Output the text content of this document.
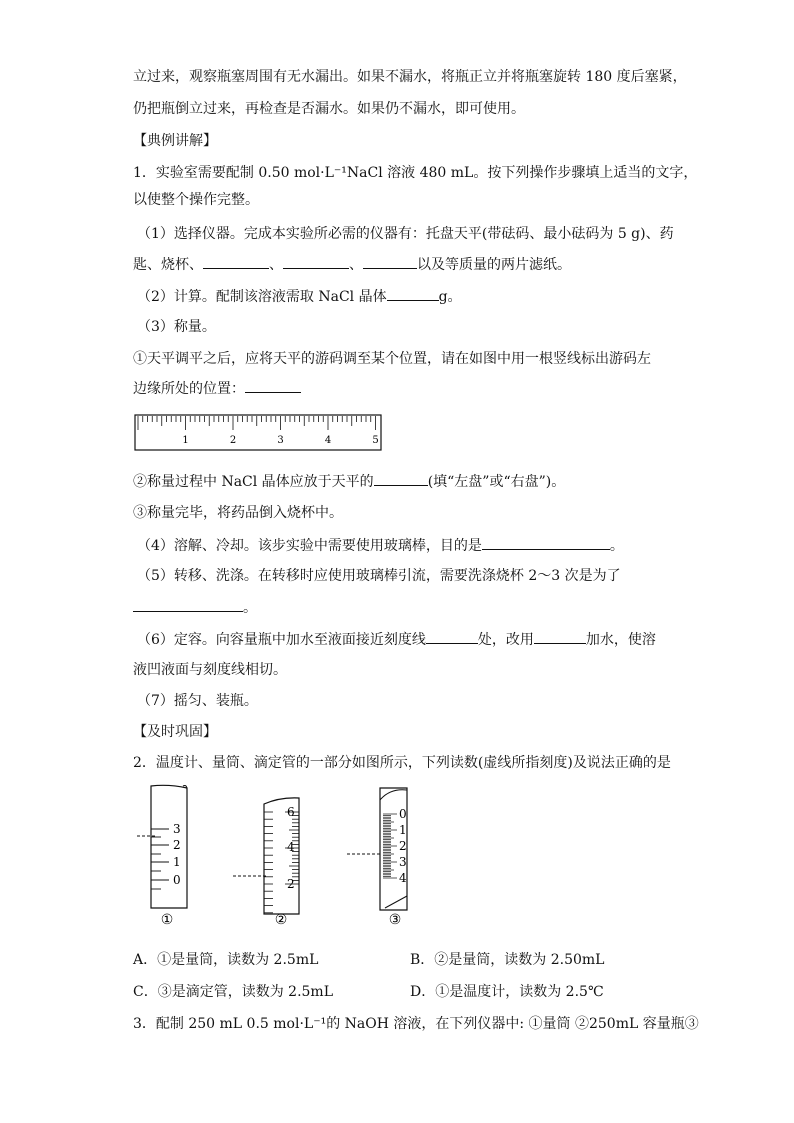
立过来，观察瓶塞周围有无水漏出。如果不漏水，将瓶正立并将瓶塞旋转 180 度后塞紧，
仍把瓶倒立过来，再检查是否漏水。如果仍不漏水，即可使用。
【典例讲解】
1．实验室需要配制 0.50 mol·L⁻¹NaCl 溶液 480 mL。按下列操作步骤填上适当的文字，
以使整个操作完整。
（1）选择仪器。完成本实验所必需的仪器有：托盘天平(带砝码、最小砝码为 5 g)、药
匙、烧杯、	、	、	以及等质量的两片滤纸。
（2）计算。配制该溶液需取 NaCl 晶体	g。
（3）称量。
①天平调平之后，应将天平的游码调至某个位置，请在如图中用一根竖线标出游码左
边缘所处的位置：
1	2	3	4	5
②称量过程中 NaCl 晶体应放于天平的	(填“左盘”或“右盘”)。
③称量完毕，将药品倒入烧杯中。
（4）溶解、冷却。该步实验中需要使用玻璃棒，目的是	。
（5）转移、洗涤。在转移时应使用玻璃棒引流，需要洗涤烧杯 2～3 次是为了
。
（6）定容。向容量瓶中加水至液面接近刻度线	处，改用	加水，使溶
液凹液面与刻度线相切。
（7）摇匀、装瓶。
【及时巩固】
2．温度计、量筒、滴定管的一部分如图所示，下列读数(虚线所指刻度)及说法正确的是
3
2
1
0
6
4
2
0
1
2
3
4
①	②	③
A．①是量筒，读数为 2.5mL	B．②是量筒，读数为 2.50mL
C．③是滴定管，读数为 2.5mL	D．①是温度计，读数为 2.5℃
3．配制 250 mL 0.5 mol·L⁻¹的 NaOH 溶液，在下列仪器中: ①量筒 ②250mL 容量瓶③
